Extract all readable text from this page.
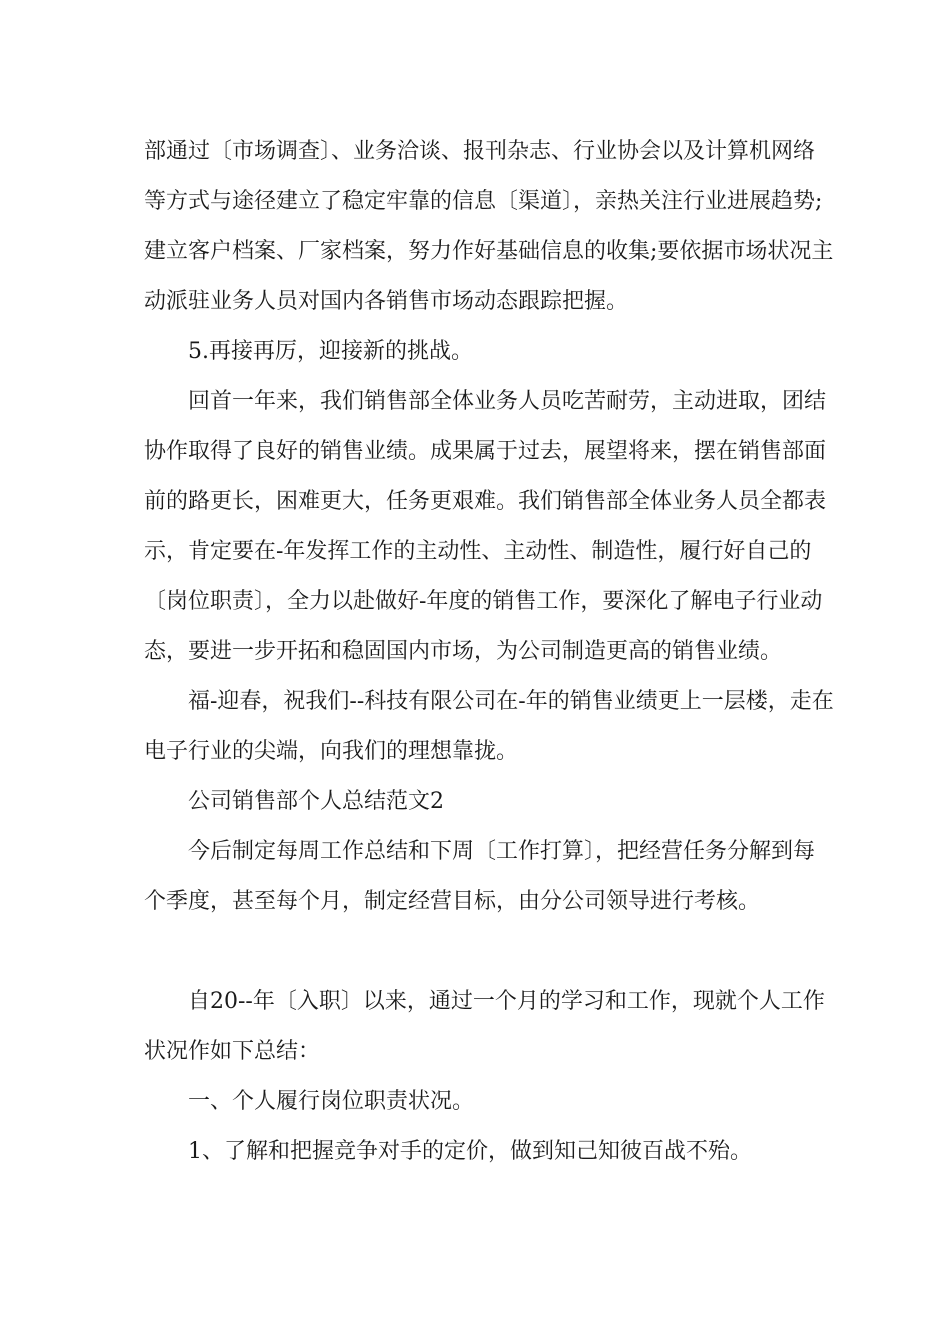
部通过〔市场调查〕、业务洽谈、报刊杂志、行业协会以及计算机网络等方式与途径建立了稳定牢靠的信息〔渠道〕，亲热关注行业进展趋势;建立客户档案、厂家档案，努力作好基础信息的收集;要依据市场状况主动派驻业务人员对国内各销售市场动态跟踪把握。

5.再接再厉，迎接新的挑战。

回首一年来，我们销售部全体业务人员吃苦耐劳，主动进取，团结协作取得了良好的销售业绩。成果属于过去，展望将来，摆在销售部面前的路更长，困难更大，任务更艰难。我们销售部全体业务人员全都表示，肯定要在-年发挥工作的主动性、主动性、制造性，履行好自己的〔岗位职责〕，全力以赴做好-年度的销售工作，要深化了解电子行业动态，要进一步开拓和稳固国内市场，为公司制造更高的销售业绩。

福-迎春，祝我们--科技有限公司在-年的销售业绩更上一层楼，走在电子行业的尖端，向我们的理想靠拢。

公司销售部个人总结范文2

今后制定每周工作总结和下周〔工作打算〕，把经营任务分解到每个季度，甚至每个月，制定经营目标，由分公司领导进行考核。

自20--年〔入职〕以来，通过一个月的学习和工作，现就个人工作状况作如下总结：

一、个人履行岗位职责状况。

1、了解和把握竞争对手的定价，做到知己知彼百战不殆。
